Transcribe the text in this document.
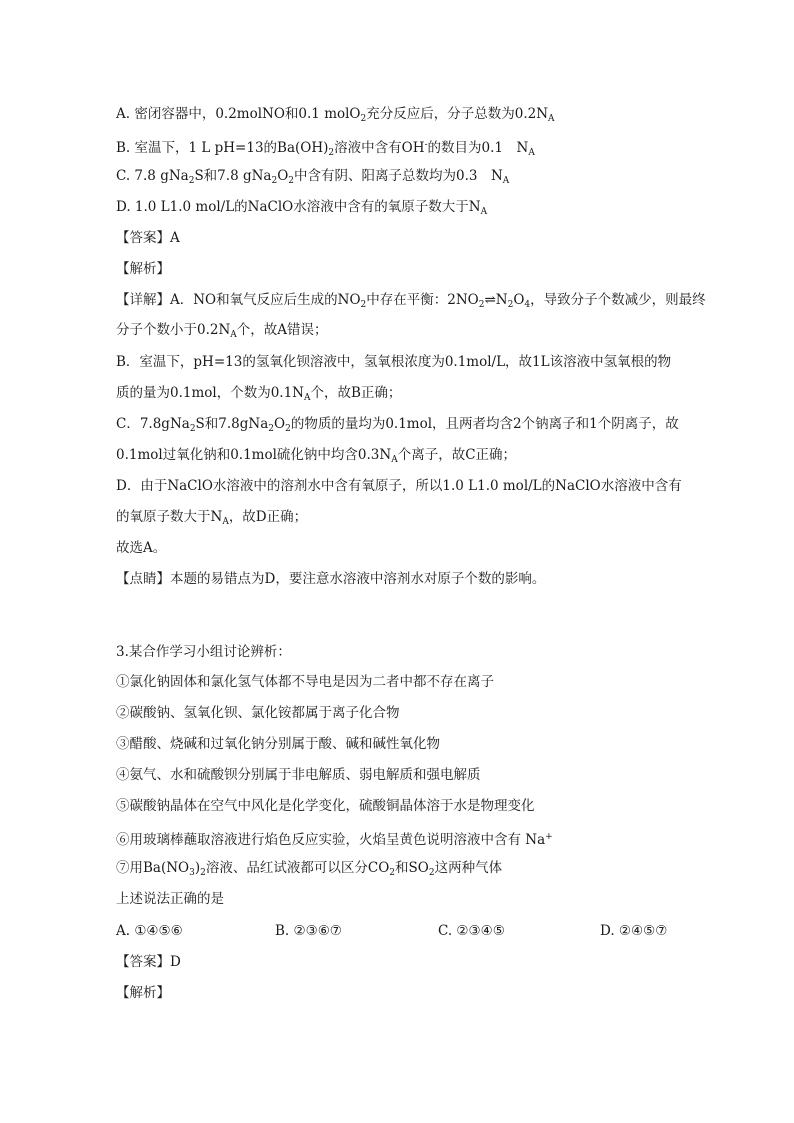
A. 密闭容器中，0.2molNO和0.1 molO$_2$充分反应后，分子总数为$0.2N_A$
B. 室温下，1 L pH=13的$Ba(OH)_2$溶液中含有OH-的数目为0.1　$N_A$
C. 7.8 gNa$_2$S和7.8 $gNa_2O_2$中含有阴、阳离子总数均为0.3　$N_A$
D. 1.0 L1.0 mol/L的NaClO水溶液中含有的氧原子数大于$N_A$
【答案】A
【解析】
【详解】A．NO和氧气反应后生成的$NO_2$中存在平衡：$2NO_2\rightleftharpoons N_2O_4$，导致分子个数减少，则最终
分子个数小于$0.2N_A$个，故A错误；
B．室温下，pH=13的氢氧化钡溶液中，氢氧根浓度为0.1mol/L，故1L该溶液中氢氧根的物
质的量为0.1mol，个数为$0.1N_A$个，故B正确；
C．7.8gNa$_2$S和$7.8gNa_2O_2$的物质的量均为0.1mol，且两者均含2个钠离子和1个阴离子，故
0.1mol过氧化钠和0.1mol硫化钠中均含$0.3N_A$个离子，故C正确；
D．由于NaClO水溶液中的溶剂水中含有氧原子，所以1.0 L1.0 mol/L的NaClO水溶液中含有
的氧原子数大于$N_A$，故D正确；
故选A。
【点睛】本题的易错点为D，要注意水溶液中溶剂水对原子个数的影响。
3.某合作学习小组讨论辨析：
①氯化钠固体和氯化氢气体都不导电是因为二者中都不存在离子
②碳酸钠、氢氧化钡、氯化铵都属于离子化合物
③醋酸、烧碱和过氧化钠分别属于酸、碱和碱性氧化物
④氨气、水和硫酸钡分别属于非电解质、弱电解质和强电解质
⑤碳酸钠晶体在空气中风化是化学变化，硫酸铜晶体溶于水是物理变化
⑥用玻璃棒蘸取溶液进行焰色反应实验，火焰呈黄色说明溶液中含有 Na+
⑦用$Ba(NO_3)_2$溶液、品红试液都可以区分$CO_2$和$SO_2$这两种气体
上述说法正确的是
A. ①④⑤⑥	B. ②③⑥⑦	C. ②③④⑤	D. ②④⑤⑦
【答案】D
【解析】
